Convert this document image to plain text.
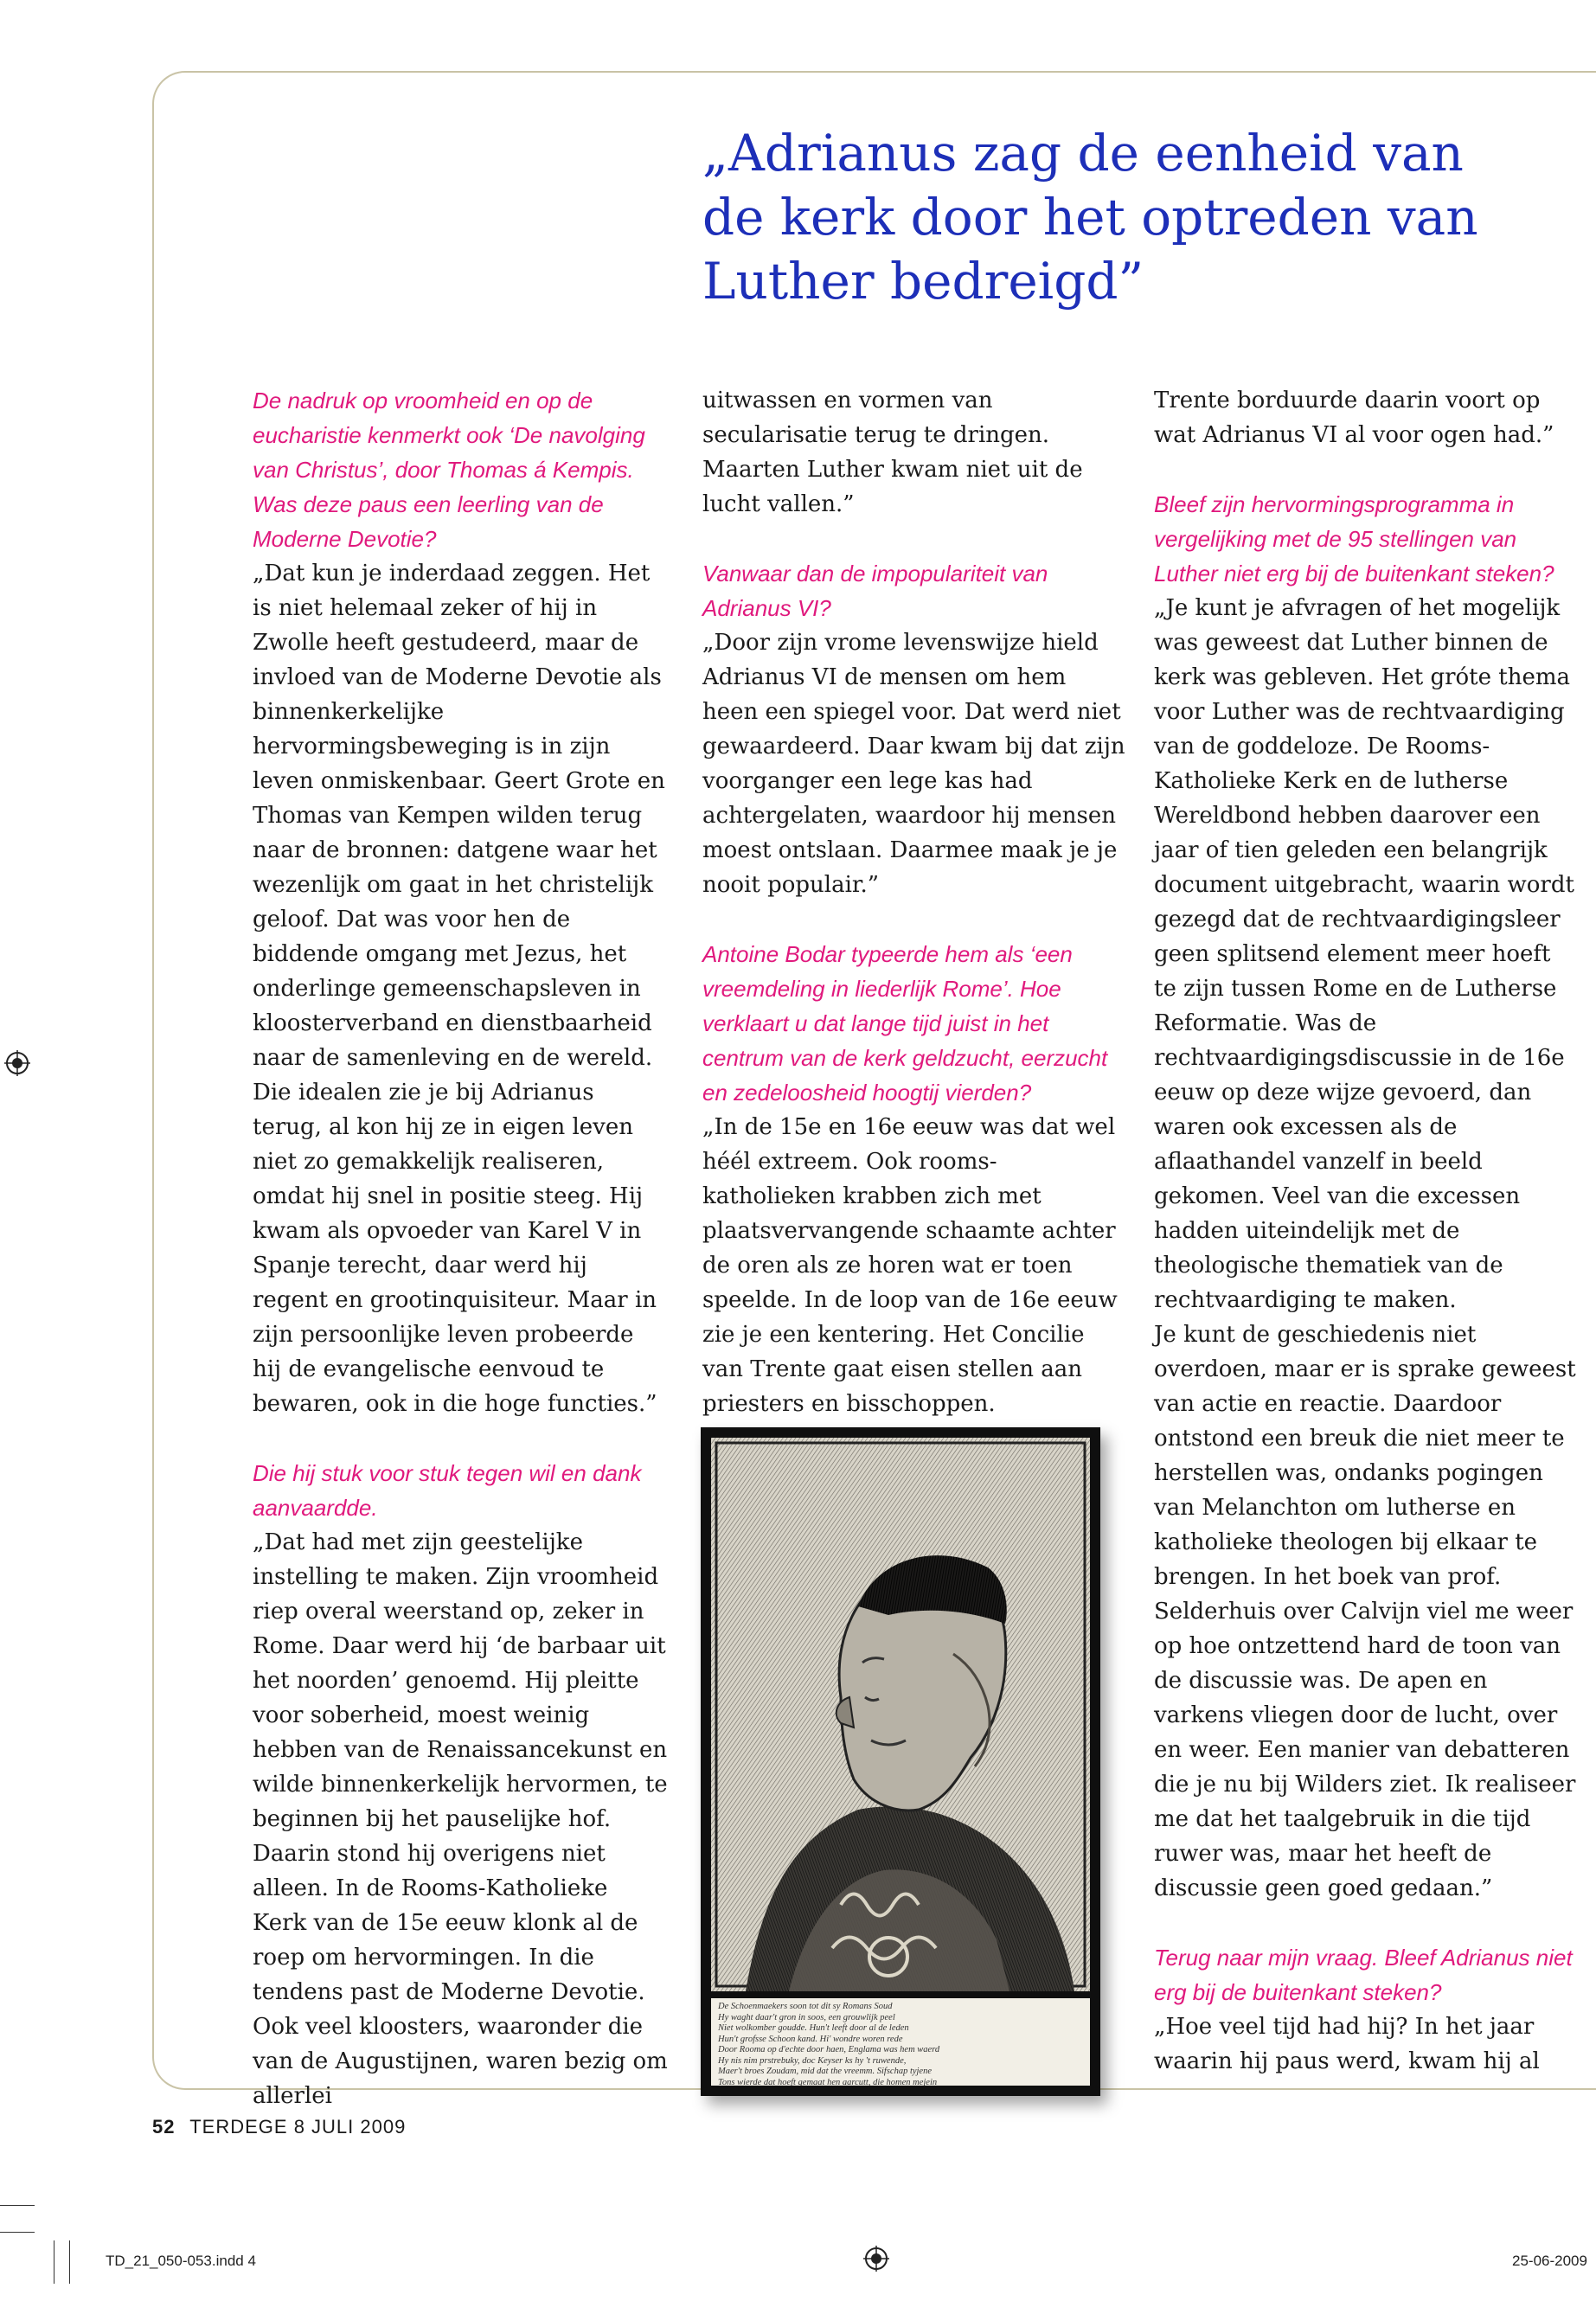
„Adrianus zag de eenheid van de kerk door het optreden van Luther bedreigd”

De nadruk op vroomheid en op de eucharistie kenmerkt ook ‘De navolging van Christus’, door Thomas á Kempis. Was deze paus een leerling van de Moderne Devotie?

„Dat kun je inderdaad zeggen. Het is niet helemaal zeker of hij in Zwolle heeft gestudeerd, maar de invloed van de Moderne Devotie als binnenkerkelijke hervormingsbeweging is in zijn leven onmiskenbaar. Geert Grote en Thomas van Kempen wilden terug naar de bronnen: datgene waar het wezenlijk om gaat in het christelijk geloof. Dat was voor hen de biddende omgang met Jezus, het onderlinge gemeenschapsleven in kloosterverband en dienstbaarheid naar de samenleving en de wereld. Die idealen zie je bij Adrianus terug, al kon hij ze in eigen leven niet zo gemakkelijk realiseren, omdat hij snel in positie steeg. Hij kwam als opvoeder van Karel V in Spanje terecht, daar werd hij regent en grootinquisiteur. Maar in zijn persoonlijke leven probeerde hij de evangelische eenvoud te bewaren, ook in die hoge functies.”

Die hij stuk voor stuk tegen wil en dank aanvaardde.

„Dat had met zijn geestelijke instelling te maken. Zijn vroomheid riep overal weerstand op, zeker in Rome. Daar werd hij ‘de barbaar uit het noorden’ genoemd. Hij pleitte voor soberheid, moest weinig hebben van de Renaissancekunst en wilde binnenkerkelijk hervormen, te beginnen bij het pauselijke hof.

Daarin stond hij overigens niet alleen. In de Rooms-Katholieke Kerk van de 15e eeuw klonk al de roep om hervormingen. In die tendens past de Moderne Devotie. Ook veel kloosters, waaronder die van de Augustijnen, waren bezig om allerlei

uitwassen en vormen van secularisatie terug te dringen. Maarten Luther kwam niet uit de lucht vallen.”

Vanwaar dan de impopulariteit van Adrianus VI?

„Door zijn vrome levenswijze hield Adrianus VI de mensen om hem heen een spiegel voor. Dat werd niet gewaardeerd. Daar kwam bij dat zijn voorganger een lege kas had achtergelaten, waardoor hij mensen moest ontslaan. Daarmee maak je je nooit populair.”

Antoine Bodar typeerde hem als ‘een vreemdeling in liederlijk Rome’. Hoe verklaart u dat lange tijd juist in het centrum van de kerk geldzucht, eerzucht en zedeloosheid hoogtij vierden?

„In de 15e en 16e eeuw was dat wel héél extreem. Ook rooms-katholieken krabben zich met plaatsvervangende schaamte achter de oren als ze horen wat er toen speelde. In de loop van de 16e eeuw zie je een kentering. Het Concilie van Trente gaat eisen stellen aan priesters en bisschoppen.

Trente borduurde daarin voort op wat Adrianus VI al voor ogen had.”

Bleef zijn hervormingsprogramma in vergelijking met de 95 stellingen van Luther niet erg bij de buitenkant steken?

„Je kunt je afvragen of het mogelijk was geweest dat Luther binnen de kerk was gebleven. Het gróte thema voor Luther was de rechtvaardiging van de goddeloze. De Rooms-Katholieke Kerk en de lutherse Wereldbond hebben daarover een jaar of tien geleden een belangrijk document uitgebracht, waarin wordt gezegd dat de rechtvaardigingsleer geen splitsend element meer hoeft te zijn tussen Rome en de Lutherse Reformatie. Was de rechtvaardigingsdiscussie in de 16e eeuw op deze wijze gevoerd, dan waren ook excessen als de aflaathandel vanzelf in beeld gekomen. Veel van die excessen hadden uiteindelijk met de theologische thematiek van de rechtvaardiging te maken.

Je kunt de geschiedenis niet overdoen, maar er is sprake geweest van actie en reactie. Daardoor ontstond een breuk die niet meer te herstellen was, ondanks pogingen van Melanchton om lutherse en katholieke theologen bij elkaar te brengen. In het boek van prof. Selderhuis over Calvijn viel me weer op hoe ontzettend hard de toon van de discussie was. De apen en varkens vliegen door de lucht, over en weer. Een manier van debatteren die je nu bij Wilders ziet. Ik realiseer me dat het taalgebruik in die tijd ruwer was, maar het heeft de discussie geen goed gedaan.”

Terug naar mijn vraag. Bleef Adrianus niet erg bij de buitenkant steken?

„Hoe veel tijd had hij? In het jaar waarin hij paus werd, kwam hij al

De Schoenmaekers soon tot dit sy Romans Soud
Hy waght daar't gron in soos, een grouwlijk peel
Niet wolkomber goudde. Hun't leeft door al de leden
Hun't grofsse Schoon kand. Hi' wondre woren rede
Door Rooma op d'echte door haen, Englama was hem waerd
Hy nis nim prstrebuky, doc Keyser ks hy 't ruwende,
Maer't broes Zoudam, mid dat the vreemm. Sifschap tyjene
Tons wierde dat hoeft gemaat hen aarcutt, die homen mejein
52 TERDEGE 8 JULI 2009
TD_21_050-053.indd 4	25-06-2009
